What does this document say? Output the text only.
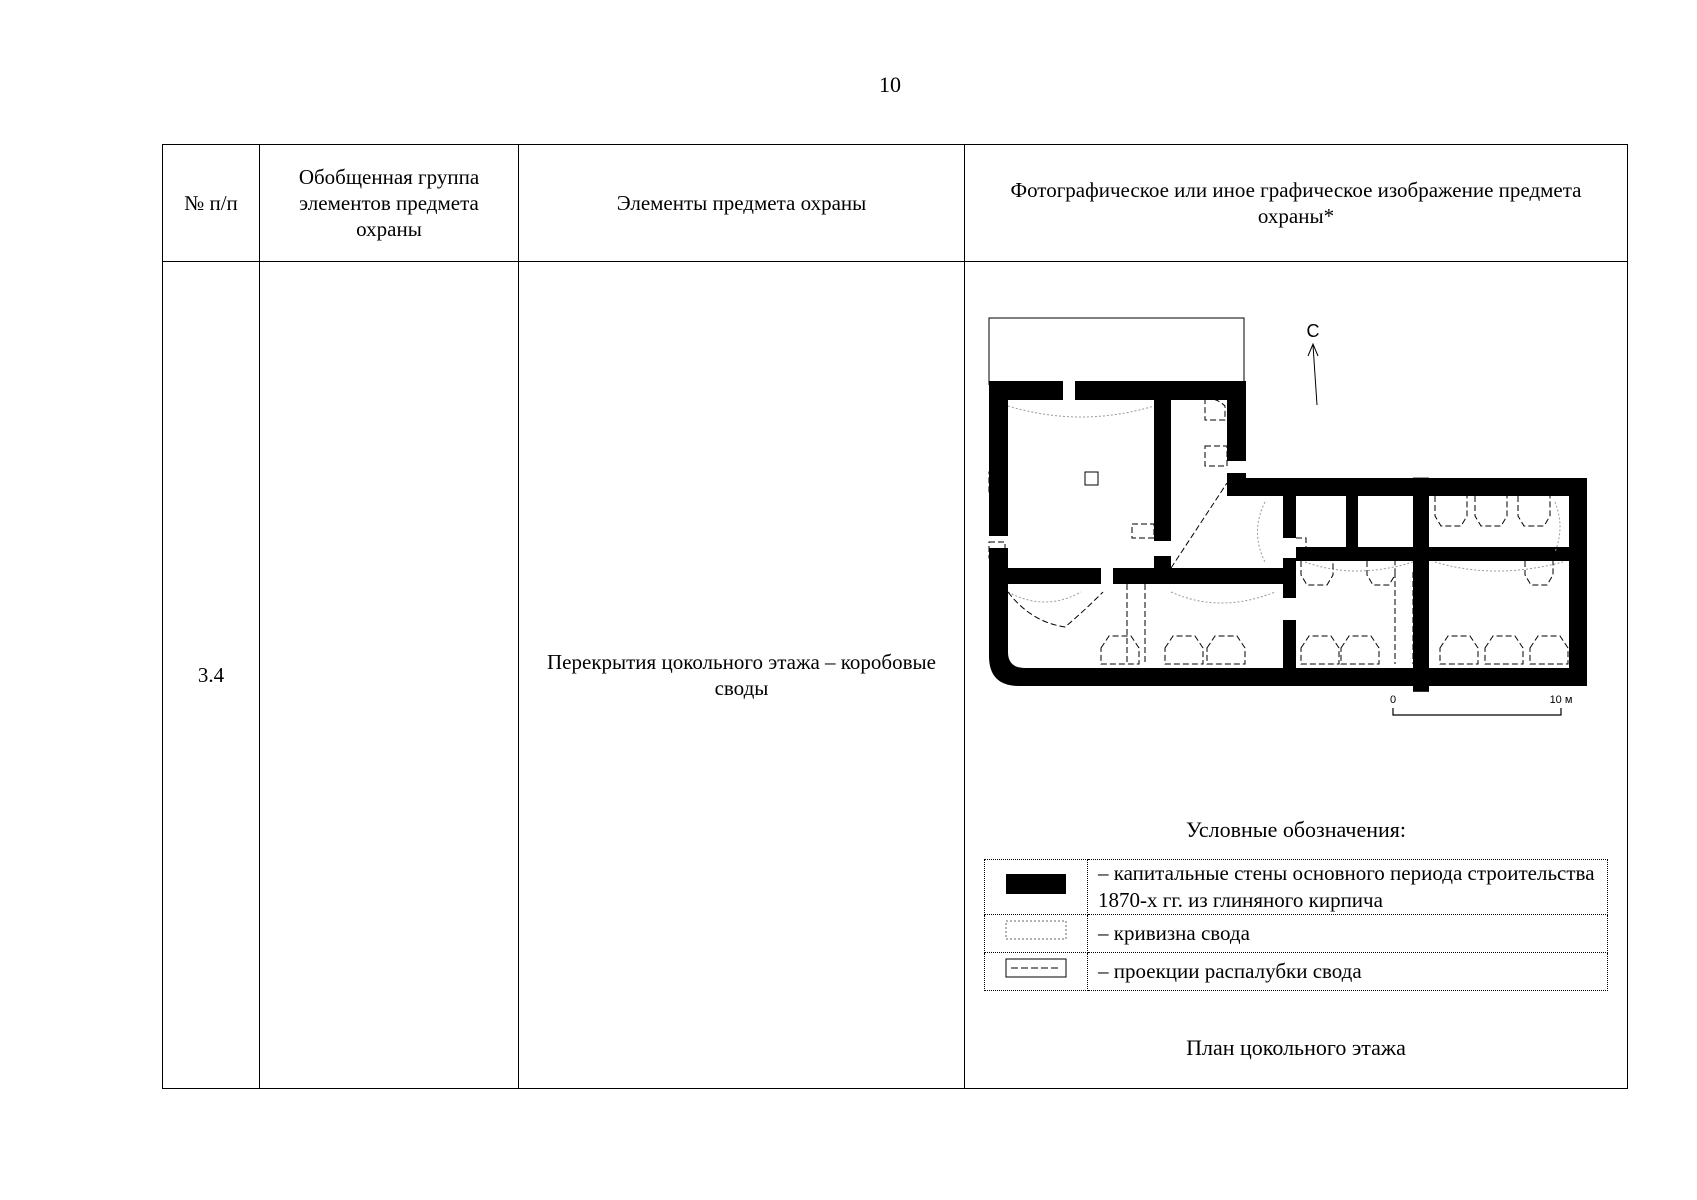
10
№ п/п	Обобщенная группа элементов предмета охраны	Элементы предмета охраны	Фотографическое или иное графическое изображение предмета охраны*
3.4		Перекрытия цокольного этажа – коробовые своды	
С
0	10 м
Условные обозначения:
	– капитальные стены основного периода строительства 1870-х гг. из глиняного кирпича
	– кривизна свода
	– проекции распалубки свода
План цокольного этажа
